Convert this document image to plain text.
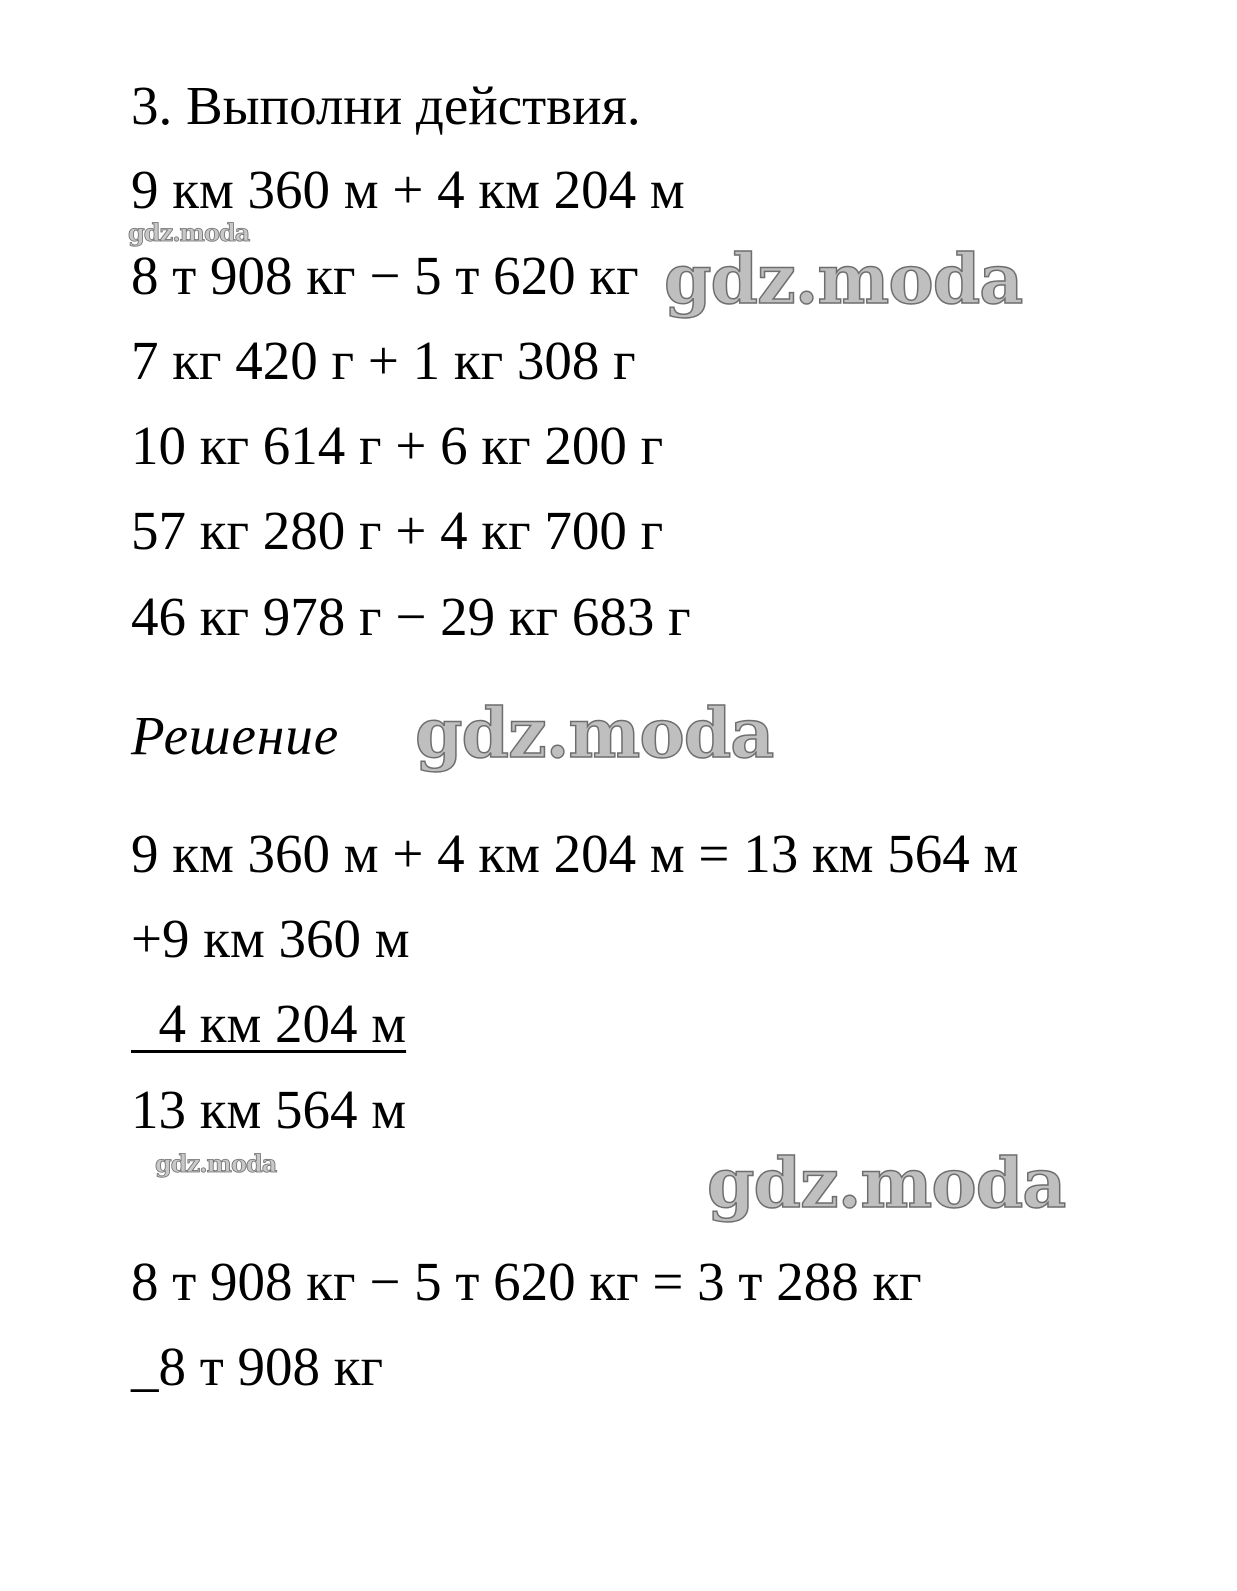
3. Выполни действия.

9 км 360 м + 4 км 204 м

8 т 908 кг − 5 т 620 кг

7 кг 420 г + 1 кг 308 г

10 кг 614 г + 6 кг 200 г

57 кг 280 г + 4 кг 700 г

46 кг 978 г − 29 кг 683 г

Решение

9 км 360 м + 4 км 204 м = 13 км 564 м

+9 км 360 м

4 км 204 м

13 км 564 м

8 т 908 кг − 5 т 620 кг = 3 т 288 кг

_8 т 908 кг

gdz.moda

gdz.moda

gdz.moda

gdz.moda	gdz.moda
